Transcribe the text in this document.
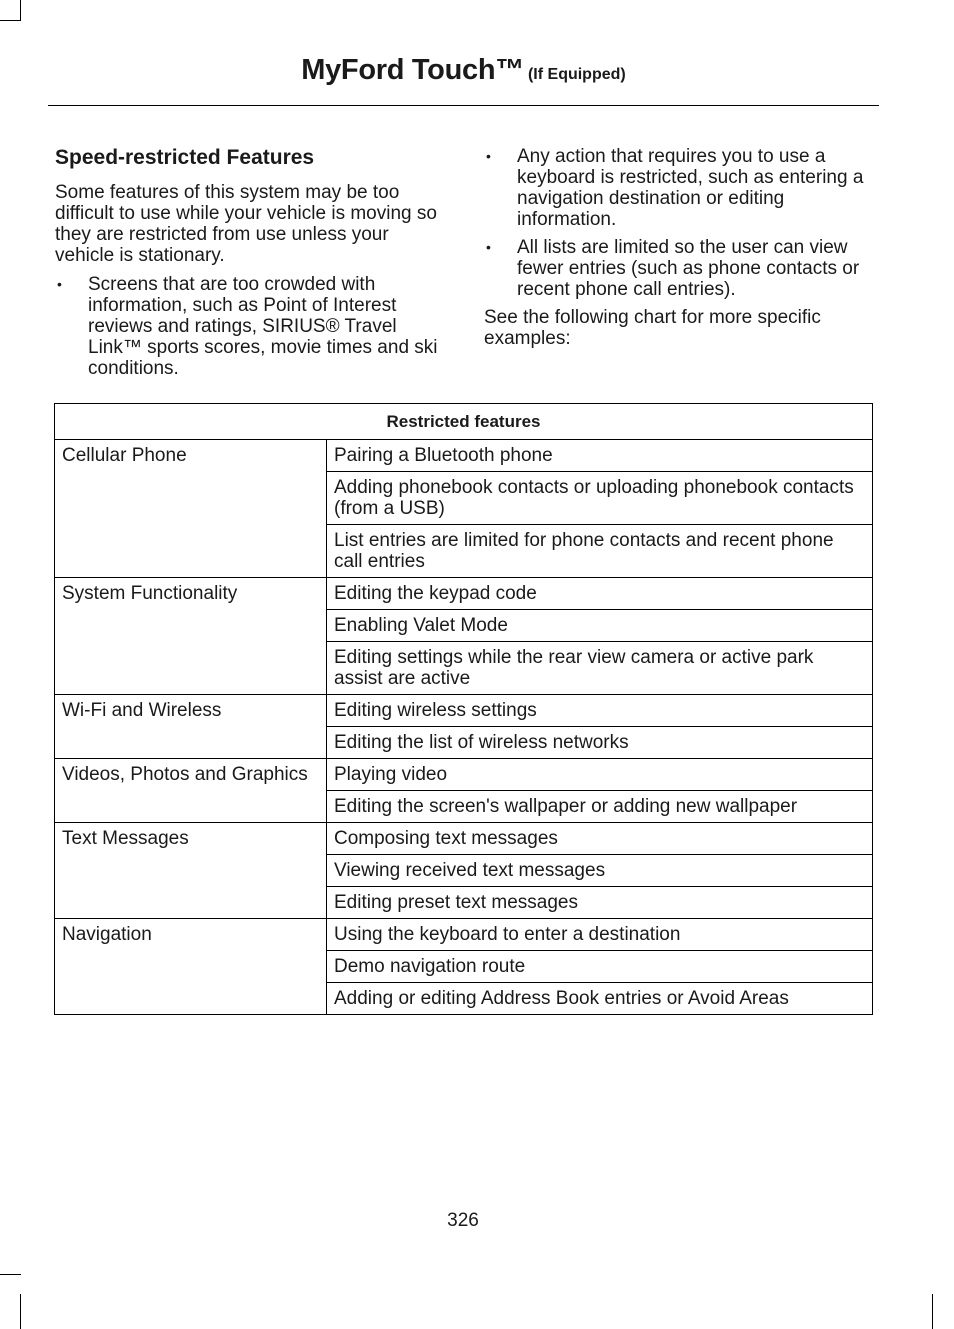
MyFord Touch™ (If Equipped)
Speed-restricted Features

Some features of this system may be too difficult to use while your vehicle is moving so they are restricted from use unless your vehicle is stationary.

• Screens that are too crowded with information, such as Point of Interest reviews and ratings, SIRIUS® Travel Link™ sports scores, movie times and ski conditions.
• Any action that requires you to use a keyboard is restricted, such as entering a navigation destination or editing information.
• All lists are limited so the user can view fewer entries (such as phone contacts or recent phone call entries).

See the following chart for more specific examples:

Restricted features	
Cellular Phone	Pairing a Bluetooth phone
	Adding phonebook contacts or uploading phonebook contacts (from a USB)
	List entries are limited for phone contacts and recent phone call entries
System Functionality	Editing the keypad code
	Enabling Valet Mode
	Editing settings while the rear view camera or active park assist are active
Wi-Fi and Wireless	Editing wireless settings
	Editing the list of wireless networks
Videos, Photos and Graphics	Playing video
	Editing the screen's wallpaper or adding new wallpaper
Text Messages	Composing text messages
	Viewing received text messages
	Editing preset text messages
Navigation	Using the keyboard to enter a destination
	Demo navigation route
	Adding or editing Address Book entries or Avoid Areas
326
